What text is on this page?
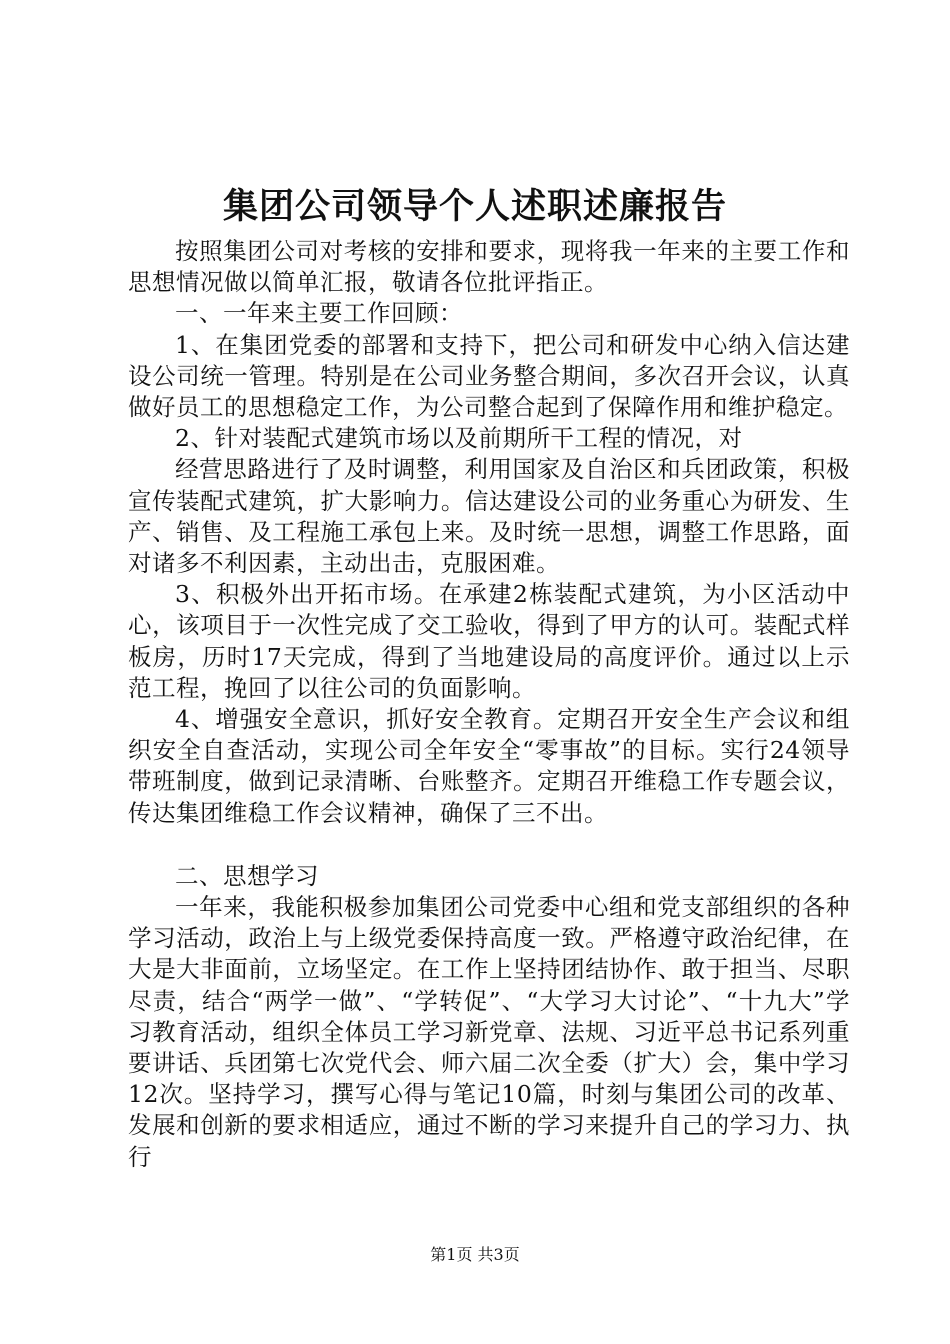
集团公司领导个人述职述廉报告

按照集团公司对考核的安排和要求，现将我一年来的主要工作和思想情况做以简单汇报，敬请各位批评指正。

一、一年来主要工作回顾：

1、在集团党委的部署和支持下，把公司和研发中心纳入信达建设公司统一管理。特别是在公司业务整合期间，多次召开会议，认真做好员工的思想稳定工作，为公司整合起到了保障作用和维护稳定。

2、针对装配式建筑市场以及前期所干工程的情况，对

经营思路进行了及时调整，利用国家及自治区和兵团政策，积极宣传装配式建筑，扩大影响力。信达建设公司的业务重心为研发、生产、销售、及工程施工承包上来。及时统一思想，调整工作思路，面对诸多不利因素，主动出击，克服困难。

3、积极外出开拓市场。在承建2栋装配式建筑，为小区活动中心，该项目于一次性完成了交工验收，得到了甲方的认可。装配式样板房，历时17天完成，得到了当地建设局的高度评价。通过以上示范工程，挽回了以往公司的负面影响。

4、增强安全意识，抓好安全教育。定期召开安全生产会议和组织安全自查活动，实现公司全年安全“零事故”的目标。实行24领导带班制度，做到记录清晰、台账整齐。定期召开维稳工作专题会议，传达集团维稳工作会议精神，确保了三不出。

二、思想学习

一年来，我能积极参加集团公司党委中心组和党支部组织的各种学习活动，政治上与上级党委保持高度一致。严格遵守政治纪律，在大是大非面前，立场坚定。在工作上坚持团结协作、敢于担当、尽职尽责，结合“两学一做”、“学转促”、“大学习大讨论”、“十九大”学习教育活动，组织全体员工学习新党章、法规、习近平总书记系列重要讲话、兵团第七次党代会、师六届二次全委（扩大）会，集中学习12次。坚持学习，撰写心得与笔记10篇，时刻与集团公司的改革、发展和创新的要求相适应，通过不断的学习来提升自己的学习力、执行

第1页 共3页
